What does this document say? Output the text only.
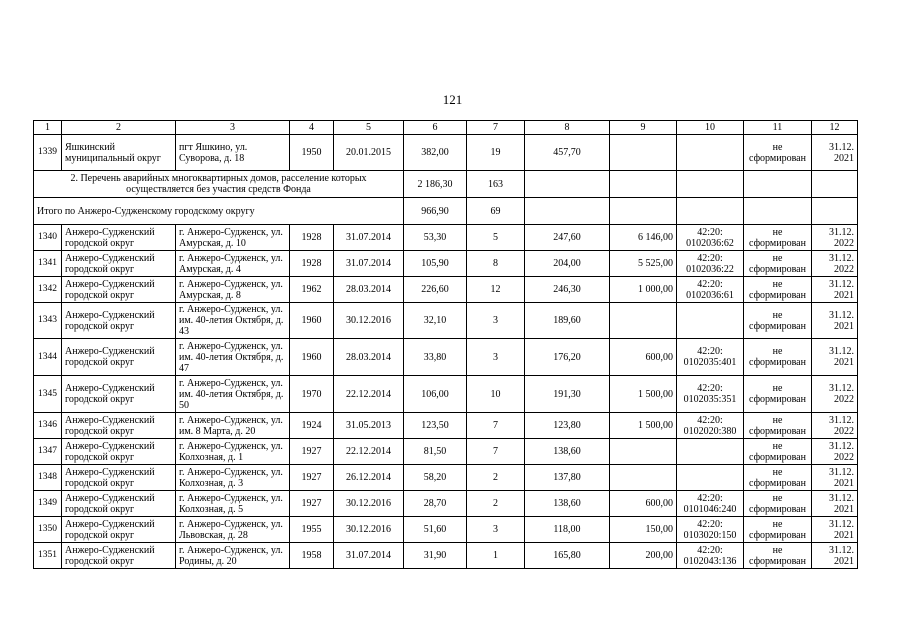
121
1	2	3	4	5	6	7	8	9	10	11	12
1339	Яшкинский муниципальный округ	пгт Яшкино, ул. Суворова, д. 18	1950	20.01.2015	382,00	19	457,70			не сформирован	31.12. 2021
2. Перечень аварийных многоквартирных домов, расселение которых осуществляется без участия средств Фонда					2 186,30	163					
Итого по Анжеро-Судженскому городскому округу					966,90	69					
1340	Анжеро-Судженский городской округ	г. Анжеро-Судженск, ул. Амурская, д. 10	1928	31.07.2014	53,30	5	247,60	6 146,00	42:20: 0102036:62	не сформирован	31.12. 2022
1341	Анжеро-Судженский городской округ	г. Анжеро-Судженск, ул. Амурская, д. 4	1928	31.07.2014	105,90	8	204,00	5 525,00	42:20: 0102036:22	не сформирован	31.12. 2022
1342	Анжеро-Судженский городской округ	г. Анжеро-Судженск, ул. Амурская, д. 8	1962	28.03.2014	226,60	12	246,30	1 000,00	42:20: 0102036:61	не сформирован	31.12. 2021
1343	Анжеро-Судженский городской округ	г. Анжеро-Судженск, ул. им. 40-летия Октября, д. 43	1960	30.12.2016	32,10	3	189,60			не сформирован	31.12. 2021
1344	Анжеро-Судженский городской округ	г. Анжеро-Судженск, ул. им. 40-летия Октября, д. 47	1960	28.03.2014	33,80	3	176,20	600,00	42:20: 0102035:401	не сформирован	31.12. 2021
1345	Анжеро-Судженский городской округ	г. Анжеро-Судженск, ул. им. 40-летия Октября, д. 50	1970	22.12.2014	106,00	10	191,30	1 500,00	42:20: 0102035:351	не сформирован	31.12. 2022
1346	Анжеро-Судженский городской округ	г. Анжеро-Судженск, ул. им. 8 Марта, д. 20	1924	31.05.2013	123,50	7	123,80	1 500,00	42:20: 0102020:380	не сформирован	31.12. 2022
1347	Анжеро-Судженский городской округ	г. Анжеро-Судженск, ул. Колхозная, д. 1	1927	22.12.2014	81,50	7	138,60			не сформирован	31.12. 2022
1348	Анжеро-Судженский городской округ	г. Анжеро-Судженск, ул. Колхозная, д. 3	1927	26.12.2014	58,20	2	137,80			не сформирован	31.12. 2021
1349	Анжеро-Судженский городской округ	г. Анжеро-Судженск, ул. Колхозная, д. 5	1927	30.12.2016	28,70	2	138,60	600,00	42:20: 0101046:240	не сформирован	31.12. 2021
1350	Анжеро-Судженский городской округ	г. Анжеро-Судженск, ул. Львовская, д. 28	1955	30.12.2016	51,60	3	118,00	150,00	42:20: 0103020:150	не сформирован	31.12. 2021
1351	Анжеро-Судженский городской округ	г. Анжеро-Судженск, ул. Родины, д. 20	1958	31.07.2014	31,90	1	165,80	200,00	42:20: 0102043:136	не сформирован	31.12. 2021
